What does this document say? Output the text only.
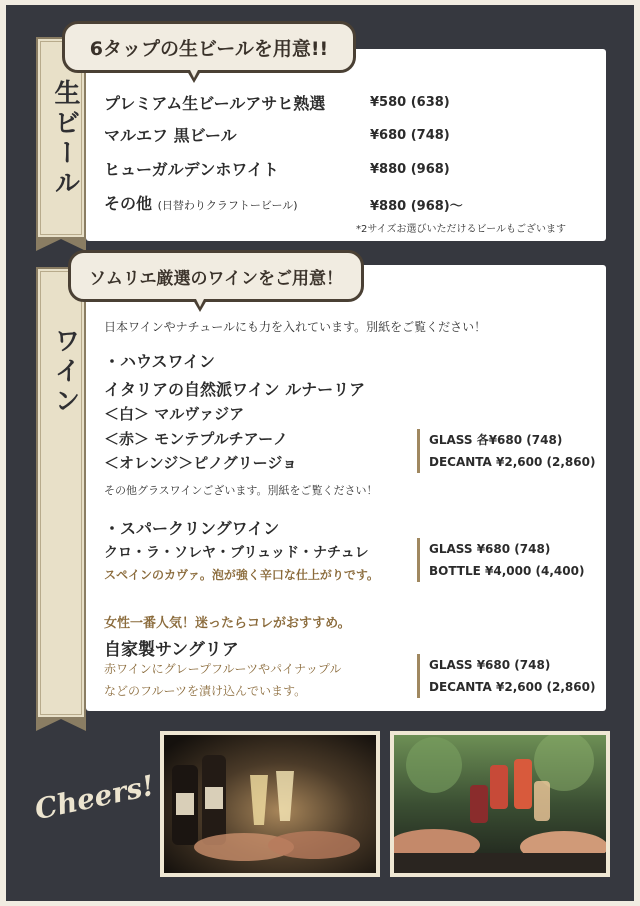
生ビール
6タップの生ビールを用意!!
プレミアム生ビールアサヒ熟選	¥580 (638)
マルエフ 黒ビール	¥680 (748)
ヒューガルデンホワイト	¥880 (968)
その他 (日替わりクラフトービール)	¥880 (968)～
*2サイズお選びいただけるビールもございます
ワイン
ソムリエ厳選のワインをご用意！
日本ワインやナチュールにも力を入れています。別紙をご覧ください！
・ハウスワイン
イタリアの自然派ワイン ルナーリア
＜白＞ マルヴァジア
＜赤＞ モンテプルチアーノ
＜オレンジ＞ピノグリージョ
GLASS 各¥680 (748)
DECANTA ¥2,600 (2,860)
その他グラスワインございます。別紙をご覧ください！
・スパークリングワイン
クロ・ラ・ソレヤ・ブリュッド・ナチュレ
スペインのカヴァ。泡が強く辛口な仕上がりです。
GLASS ¥680 (748)
BOTTLE ¥4,000 (4,400)
女性一番人気！迷ったらコレがおすすめ。
自家製サングリア
赤ワインにグレープフルーツやパイナップル
などのフルーツを漬け込んでいます。
GLASS ¥680 (748)
DECANTA ¥2,600 (2,860)
Cheers!
